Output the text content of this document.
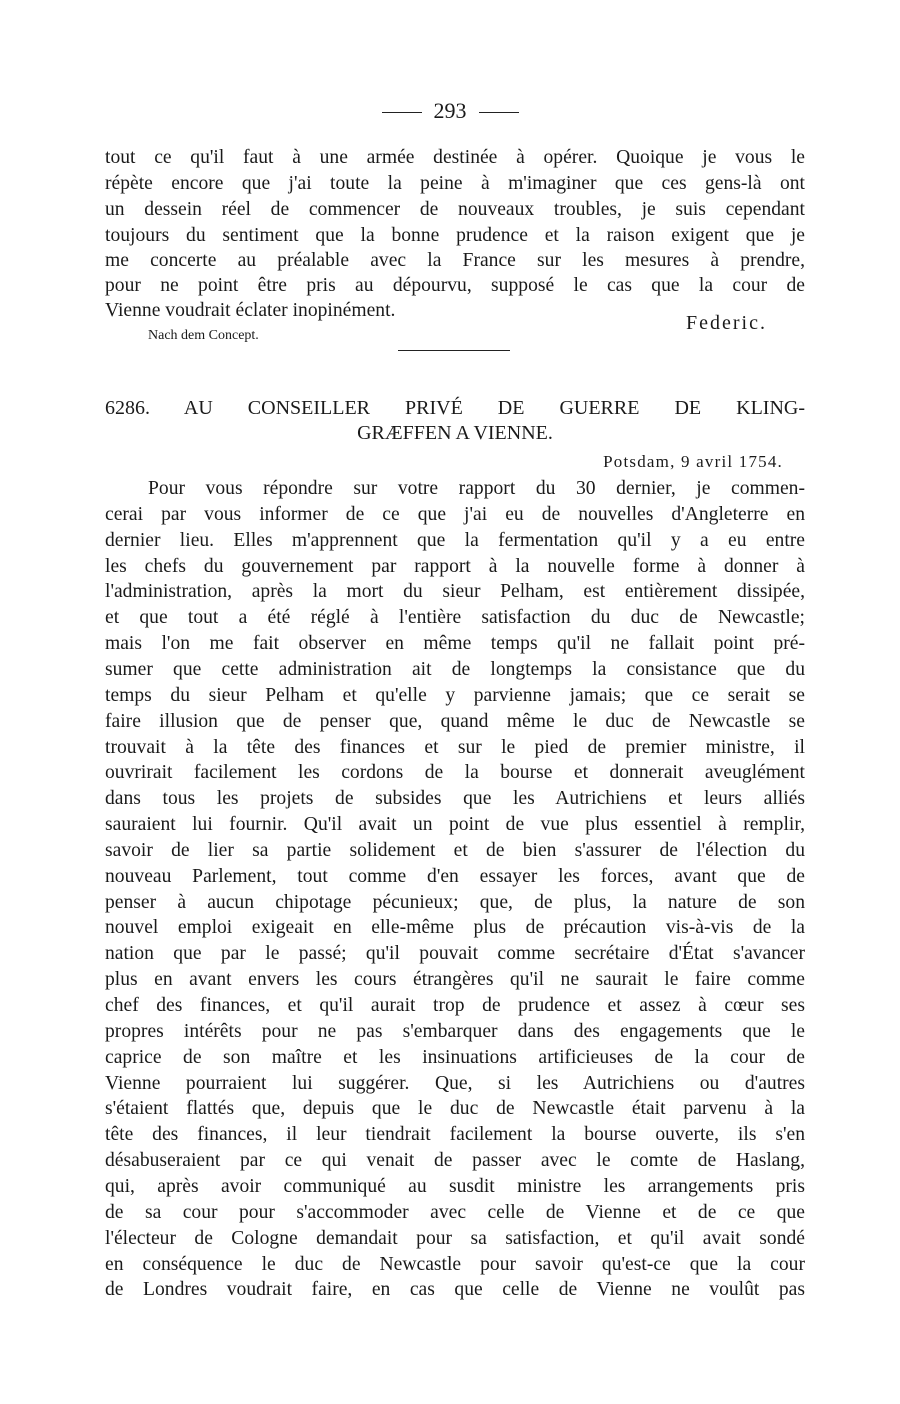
293
tout ce qu'il faut à une armée destinée à opérer. Quoique je vous le
répète encore que j'ai toute la peine à m'imaginer que ces gens-là ont
un dessein réel de commencer de nouveaux troubles, je suis cependant
toujours du sentiment que la bonne prudence et la raison exigent que je
me concerte au préalable avec la France sur les mesures à prendre,
pour ne point être pris au dépourvu, supposé le cas que la cour de
Vienne voudrait éclater inopinément.
Federic.
Nach dem Concept.
6286. AU CONSEILLER PRIVÉ DE GUERRE DE KLING-
GRÆFFEN A VIENNE.
Potsdam, 9 avril 1754.
Pour vous répondre sur votre rapport du 30 dernier, je commen-
cerai par vous informer de ce que j'ai eu de nouvelles d'Angleterre en
dernier lieu. Elles m'apprennent que la fermentation qu'il y a eu entre
les chefs du gouvernement par rapport à la nouvelle forme à donner à
l'administration, après la mort du sieur Pelham, est entièrement dissipée,
et que tout a été réglé à l'entière satisfaction du duc de Newcastle;
mais l'on me fait observer en même temps qu'il ne fallait point pré-
sumer que cette administration ait de longtemps la consistance que du
temps du sieur Pelham et qu'elle y parvienne jamais; que ce serait se
faire illusion que de penser que, quand même le duc de Newcastle se
trouvait à la tête des finances et sur le pied de premier ministre, il
ouvrirait facilement les cordons de la bourse et donnerait aveuglément
dans tous les projets de subsides que les Autrichiens et leurs alliés
sauraient lui fournir. Qu'il avait un point de vue plus essentiel à remplir,
savoir de lier sa partie solidement et de bien s'assurer de l'élection du
nouveau Parlement, tout comme d'en essayer les forces, avant que de
penser à aucun chipotage pécunieux; que, de plus, la nature de son
nouvel emploi exigeait en elle-même plus de précaution vis-à-vis de la
nation que par le passé; qu'il pouvait comme secrétaire d'État s'avancer
plus en avant envers les cours étrangères qu'il ne saurait le faire comme
chef des finances, et qu'il aurait trop de prudence et assez à cœur ses
propres intérêts pour ne pas s'embarquer dans des engagements que le
caprice de son maître et les insinuations artificieuses de la cour de
Vienne pourraient lui suggérer. Que, si les Autrichiens ou d'autres
s'étaient flattés que, depuis que le duc de Newcastle était parvenu à la
tête des finances, il leur tiendrait facilement la bourse ouverte, ils s'en
désabuseraient par ce qui venait de passer avec le comte de Haslang,
qui, après avoir communiqué au susdit ministre les arrangements pris
de sa cour pour s'accommoder avec celle de Vienne et de ce que
l'électeur de Cologne demandait pour sa satisfaction, et qu'il avait sondé
en conséquence le duc de Newcastle pour savoir qu'est-ce que la cour
de Londres voudrait faire, en cas que celle de Vienne ne voulût pas
